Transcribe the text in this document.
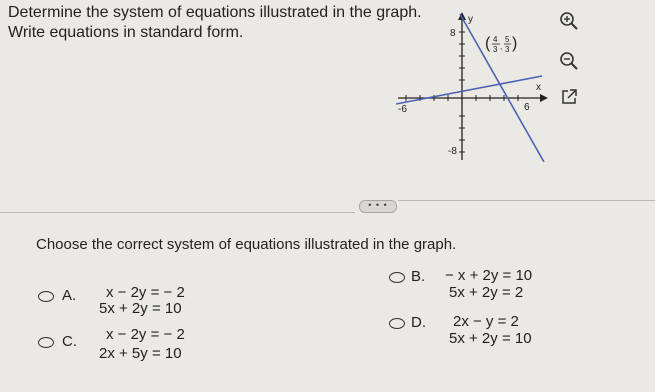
Determine the system of equations illustrated in the graph.
Write equations in standard form.
( 4
3 ,
5
3 )
y
x
8
-8
-6	6
• • •
Choose the correct system of equations illustrated in the graph.
A. x − 2y = − 2
5x + 2y = 10
B. − x + 2y = 10
5x + 2y = 2
C. x − 2y = − 2
2x + 5y = 10
D. 2x − y = 2
5x + 2y = 10
